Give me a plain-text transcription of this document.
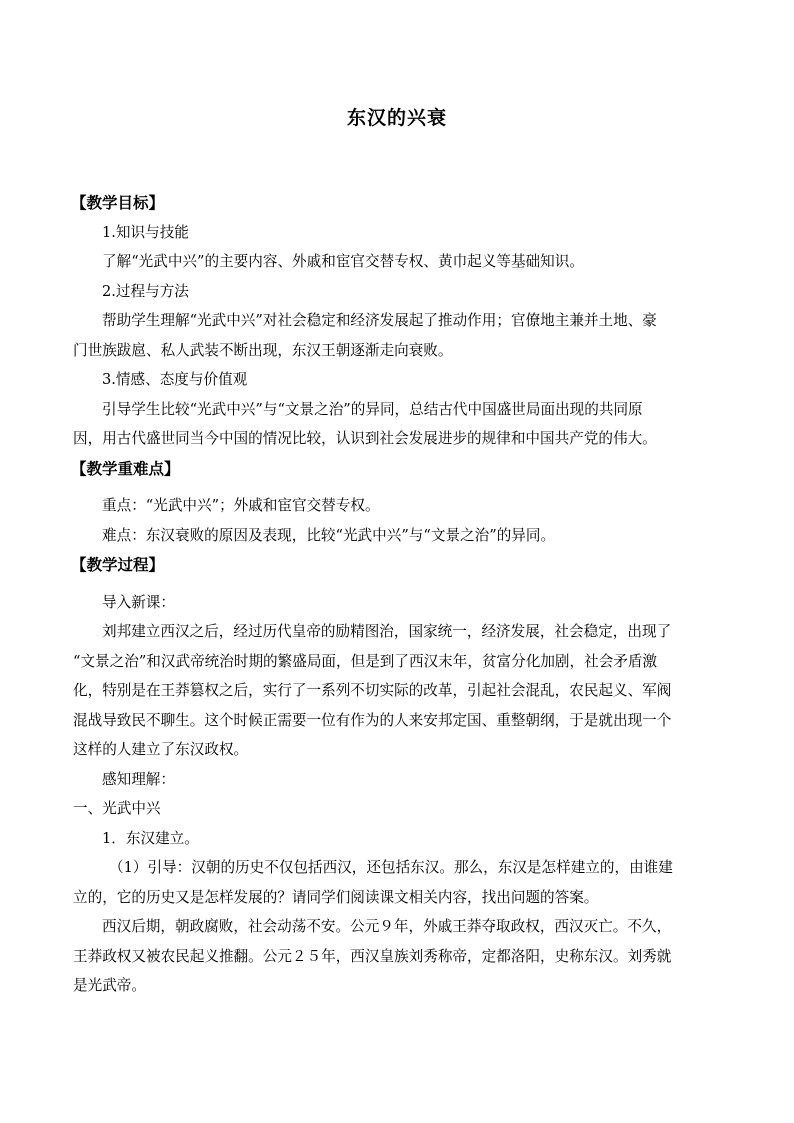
东汉的兴衰
【教学目标】
1.知识与技能
了解“光武中兴”的主要内容、外戚和宦官交替专权、黄巾起义等基础知识。
2.过程与方法
帮助学生理解“光武中兴”对社会稳定和经济发展起了推动作用；官僚地主兼并土地、豪
门世族跋扈、私人武装不断出现，东汉王朝逐渐走向衰败。
3.情感、态度与价值观
引导学生比较“光武中兴”与“文景之治”的异同，总结古代中国盛世局面出现的共同原
因，用古代盛世同当今中国的情况比较，认识到社会发展进步的规律和中国共产党的伟大。
【教学重难点】
重点：“光武中兴”；外戚和宦官交替专权。
难点：东汉衰败的原因及表现，比较“光武中兴”与“文景之治”的异同。
【教学过程】
导入新课：
刘邦建立西汉之后，经过历代皇帝的励精图治，国家统一，经济发展，社会稳定，出现了
“文景之治”和汉武帝统治时期的繁盛局面，但是到了西汉末年，贫富分化加剧，社会矛盾激
化，特别是在王莽篡权之后，实行了一系列不切实际的改革，引起社会混乱，农民起义、军阀
混战导致民不聊生。这个时候正需要一位有作为的人来安邦定国、重整朝纲，于是就出现一个
这样的人建立了东汉政权。
感知理解：
一、光武中兴
1．东汉建立。
（1）引导：汉朝的历史不仅包括西汉，还包括东汉。那么，东汉是怎样建立的，由谁建
立的，它的历史又是怎样发展的？请同学们阅读课文相关内容，找出问题的答案。
西汉后期，朝政腐败，社会动荡不安。公元９年，外戚王莽夺取政权，西汉灭亡。不久，
王莽政权又被农民起义推翻。公元２５年，西汉皇族刘秀称帝，定都洛阳，史称东汉。刘秀就
是光武帝。
